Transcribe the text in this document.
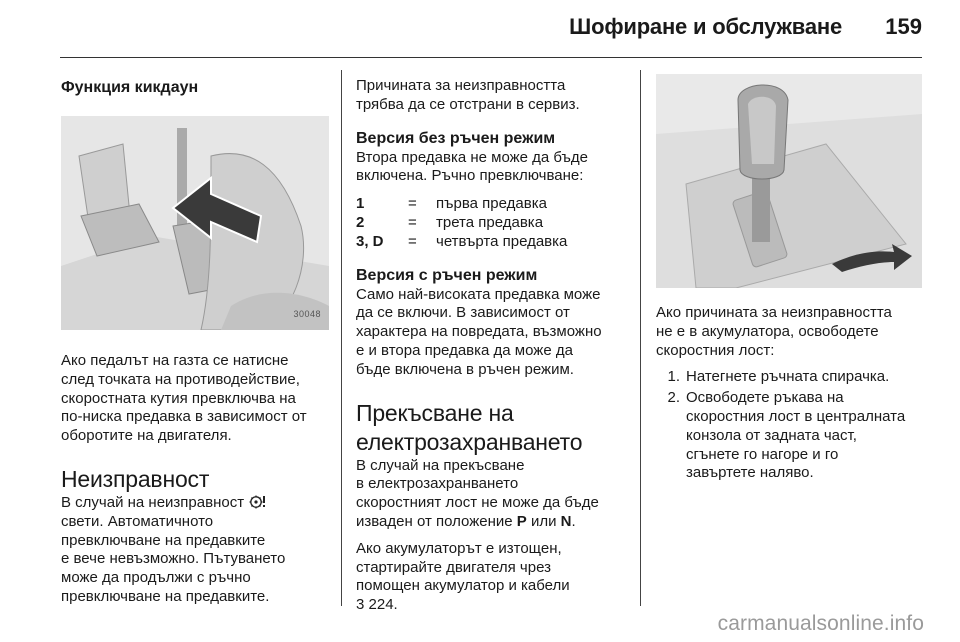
Шофиране и обслужване 159
Функция кикдаун
30048

Ако педалът на газта се натисне

след точката на противодействие,

скоростната кутия превключва на

по-ниска предавка в зависимост от

оборотите на двигателя.

Неизправност

В случай на неизправност

свети. Автоматичното

превключване на предавките

е вече невъзможно. Пътуването

може да продължи с ръчно

превключване на предавките.

Причината за неизправността

трябва да се отстрани в сервиз.

Версия без ръчен режим

Втора предавка не може да бъде

включена. Ръчно превключване:

1	=	първа предавка
2	=	трета предавка
3, D	=	четвърта предавка
Версия с ръчен режим

Само най-високата предавка може

да се включи. В зависимост от

характера на повредата, възможно

е и втора предавка да може да

бъде включена в ръчен режим.

Прекъсване на
електрозахранването

В случай на прекъсване

в електрозахранването

скоростният лост не може да бъде

изваден от положение P или N.

Ако акумулаторът е изтощен,

стартирайте двигателя чрез

помощен акумулатор и кабели

3 224.

Ако причината за неизправността

не е в акумулатора, освободете

скоростния лост:

1. Натегнете ръчната спирачка.
2. Освободете ръкава на
скоростния лост в централната
конзола от задната част,
сгънете го нагоре и го
завъртете наляво.
carmanualsonline.info
